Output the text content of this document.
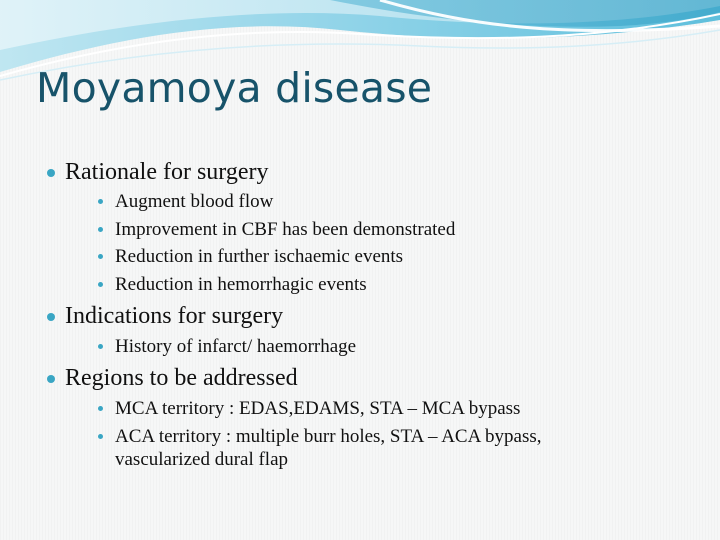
Moyamoya disease
Rationale for surgery
Augment blood flow
Improvement in CBF has been demonstrated
Reduction in further ischaemic events
Reduction in hemorrhagic events
Indications for surgery
History of infarct/ haemorrhage
Regions to be addressed
MCA territory : EDAS,EDAMS, STA – MCA bypass
ACA territory : multiple burr holes, STA – ACA bypass,
vascularized dural flap
